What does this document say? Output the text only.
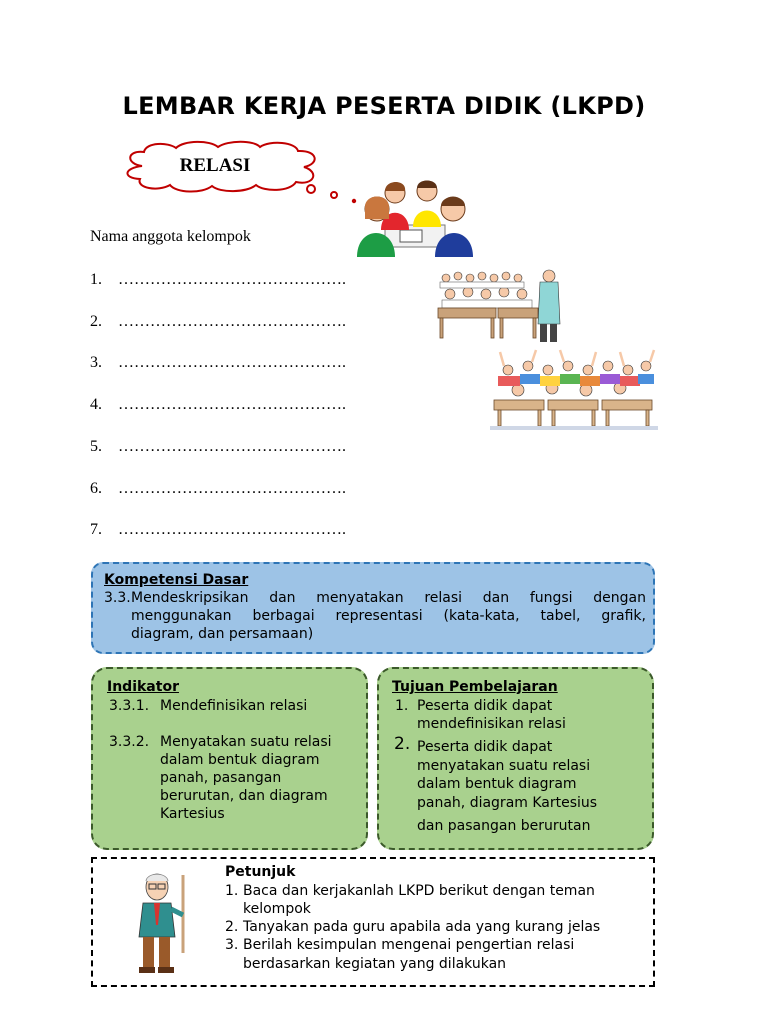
LEMBAR KERJA PESERTA DIDIK (LKPD)
RELASI
Nama anggota kelompok
1. …………………………………….
2. …………………………………….
3. …………………………………….
4. …………………………………….
5. …………………………………….
6. …………………………………….
7. …………………………………….
Kompetensi Dasar
3.3. Mendeskripsikan dan menyatakan relasi dan fungsi dengan
menggunakan berbagai representasi (kata-kata, tabel, grafik,
diagram, dan persamaan)
Indikator
3.3.1. Mendefinisikan relasi
3.3.2. Menyatakan suatu relasi
dalam bentuk diagram
panah, pasangan
berurutan, dan diagram
Kartesius
Tujuan Pembelajaran
1. Peserta didik dapat
mendefinisikan relasi
2. Peserta didik dapat
menyatakan suatu relasi
dalam bentuk diagram
panah, diagram Kartesius
dan pasangan berurutan
Petunjuk
1. Baca dan kerjakanlah LKPD berikut dengan teman
kelompok
2. Tanyakan pada guru apabila ada yang kurang jelas
3. Berilah kesimpulan mengenai pengertian relasi
berdasarkan kegiatan yang dilakukan
